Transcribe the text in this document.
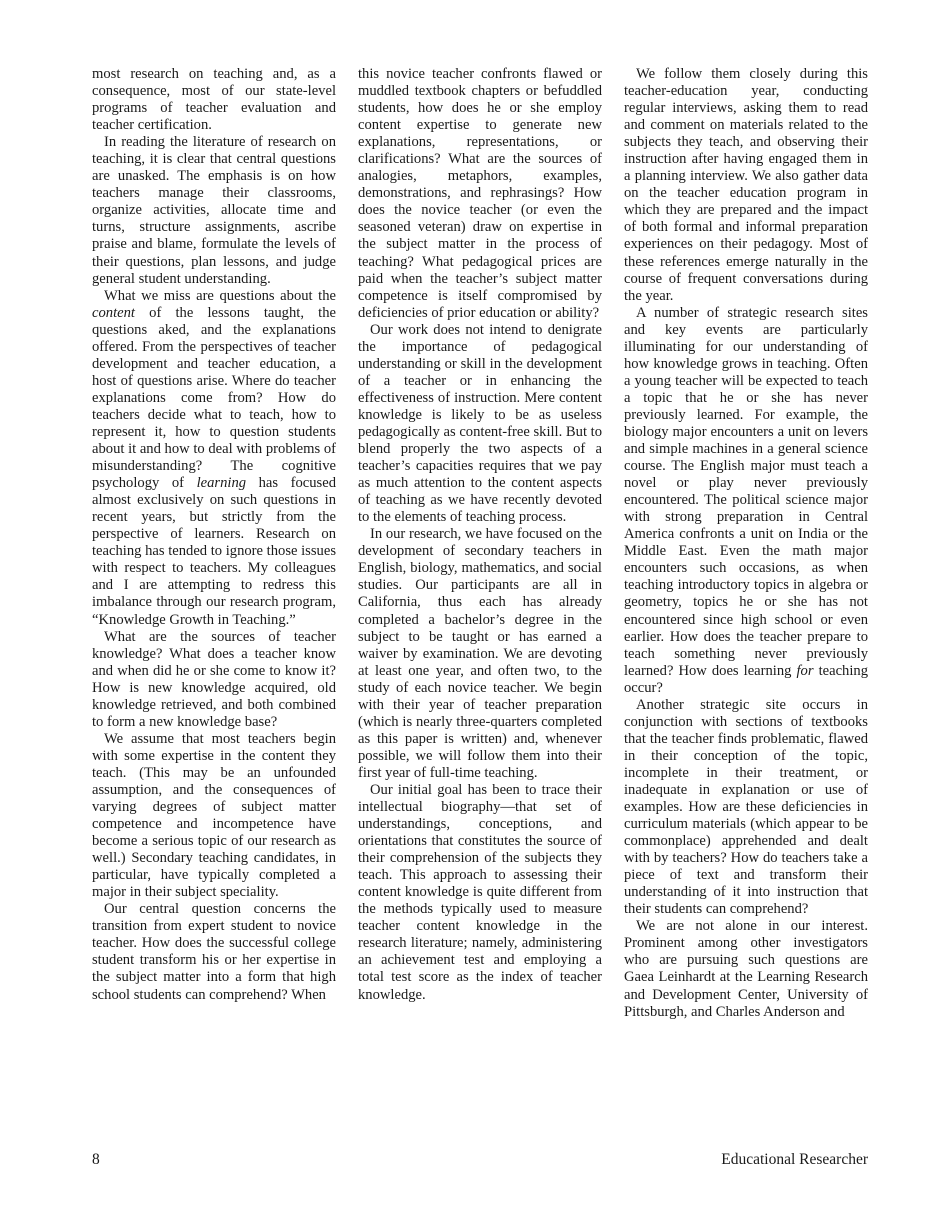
most research on teaching and, as a consequence, most of our state-level programs of teacher evaluation and teacher certification.

In reading the literature of research on teaching, it is clear that central questions are unasked. The emphasis is on how teachers manage their classrooms, organize activities, allocate time and turns, structure assignments, ascribe praise and blame, formulate the levels of their questions, plan lessons, and judge general student understanding.

What we miss are questions about the content of the lessons taught, the questions aked, and the explanations offered. From the perspectives of teacher development and teacher education, a host of questions arise. Where do teacher explanations come from? How do teachers decide what to teach, how to represent it, how to question students about it and how to deal with problems of misunderstanding? The cognitive psychology of learning has focused almost exclusively on such questions in recent years, but strictly from the perspective of learners. Research on teaching has tended to ignore those issues with respect to teachers. My colleagues and I are attempting to redress this imbalance through our research program, “Knowledge Growth in Teaching.”

What are the sources of teacher knowledge? What does a teacher know and when did he or she come to know it? How is new knowledge acquired, old knowledge retrieved, and both combined to form a new knowledge base?

We assume that most teachers begin with some expertise in the content they teach. (This may be an unfounded assumption, and the consequences of varying degrees of subject matter competence and incompetence have become a serious topic of our research as well.) Secondary teaching candidates, in particular, have typically completed a major in their subject speciality.

Our central question concerns the transition from expert student to novice teacher. How does the successful college student transform his or her expertise in the subject matter into a form that high school students can comprehend? When

this novice teacher confronts flawed or muddled textbook chapters or befuddled students, how does he or she employ content expertise to generate new explanations, representations, or clarifications? What are the sources of analogies, metaphors, examples, demonstrations, and rephrasings? How does the novice teacher (or even the seasoned veteran) draw on expertise in the subject matter in the process of teaching? What pedagogical prices are paid when the teacher’s subject matter competence is itself compromised by deficiencies of prior education or ability?

Our work does not intend to denigrate the importance of pedagogical understanding or skill in the development of a teacher or in enhancing the effectiveness of instruction. Mere content knowledge is likely to be as useless pedagogically as content-free skill. But to blend properly the two aspects of a teacher’s capacities requires that we pay as much attention to the content aspects of teaching as we have recently devoted to the elements of teaching process.

In our research, we have focused on the development of secondary teachers in English, biology, mathematics, and social studies. Our participants are all in California, thus each has already completed a bachelor’s degree in the subject to be taught or has earned a waiver by examination. We are devoting at least one year, and often two, to the study of each novice teacher. We begin with their year of teacher preparation (which is nearly three-quarters completed as this paper is written) and, whenever possible, we will follow them into their first year of full-time teaching.

Our initial goal has been to trace their intellectual biography—that set of understandings, conceptions, and orientations that constitutes the source of their comprehension of the subjects they teach. This approach to assessing their content knowledge is quite different from the methods typically used to measure teacher content knowledge in the research literature; namely, administering an achievement test and employing a total test score as the index of teacher knowledge.

We follow them closely during this teacher-education year, conducting regular interviews, asking them to read and comment on materials related to the subjects they teach, and observing their instruction after having engaged them in a planning interview. We also gather data on the teacher education program in which they are prepared and the impact of both formal and informal preparation experiences on their pedagogy. Most of these references emerge naturally in the course of frequent conversations during the year.

A number of strategic research sites and key events are particularly illuminating for our understanding of how knowledge grows in teaching. Often a young teacher will be expected to teach a topic that he or she has never previously learned. For example, the biology major encounters a unit on levers and simple machines in a general science course. The English major must teach a novel or play never previously encountered. The political science major with strong preparation in Central America confronts a unit on India or the Middle East. Even the math major encounters such occasions, as when teaching introductory topics in algebra or geometry, topics he or she has not encountered since high school or even earlier. How does the teacher prepare to teach something never previously learned? How does learning for teaching occur?

Another strategic site occurs in conjunction with sections of textbooks that the teacher finds problematic, flawed in their conception of the topic, incomplete in their treatment, or inadequate in explanation or use of examples. How are these deficiencies in curriculum materials (which appear to be commonplace) apprehended and dealt with by teachers? How do teachers take a piece of text and transform their understanding of it into instruction that their students can comprehend?

We are not alone in our interest. Prominent among other investigators who are pursuing such questions are Gaea Leinhardt at the Learning Research and Development Center, University of Pittsburgh, and Charles Anderson and

8	Educational Researcher
